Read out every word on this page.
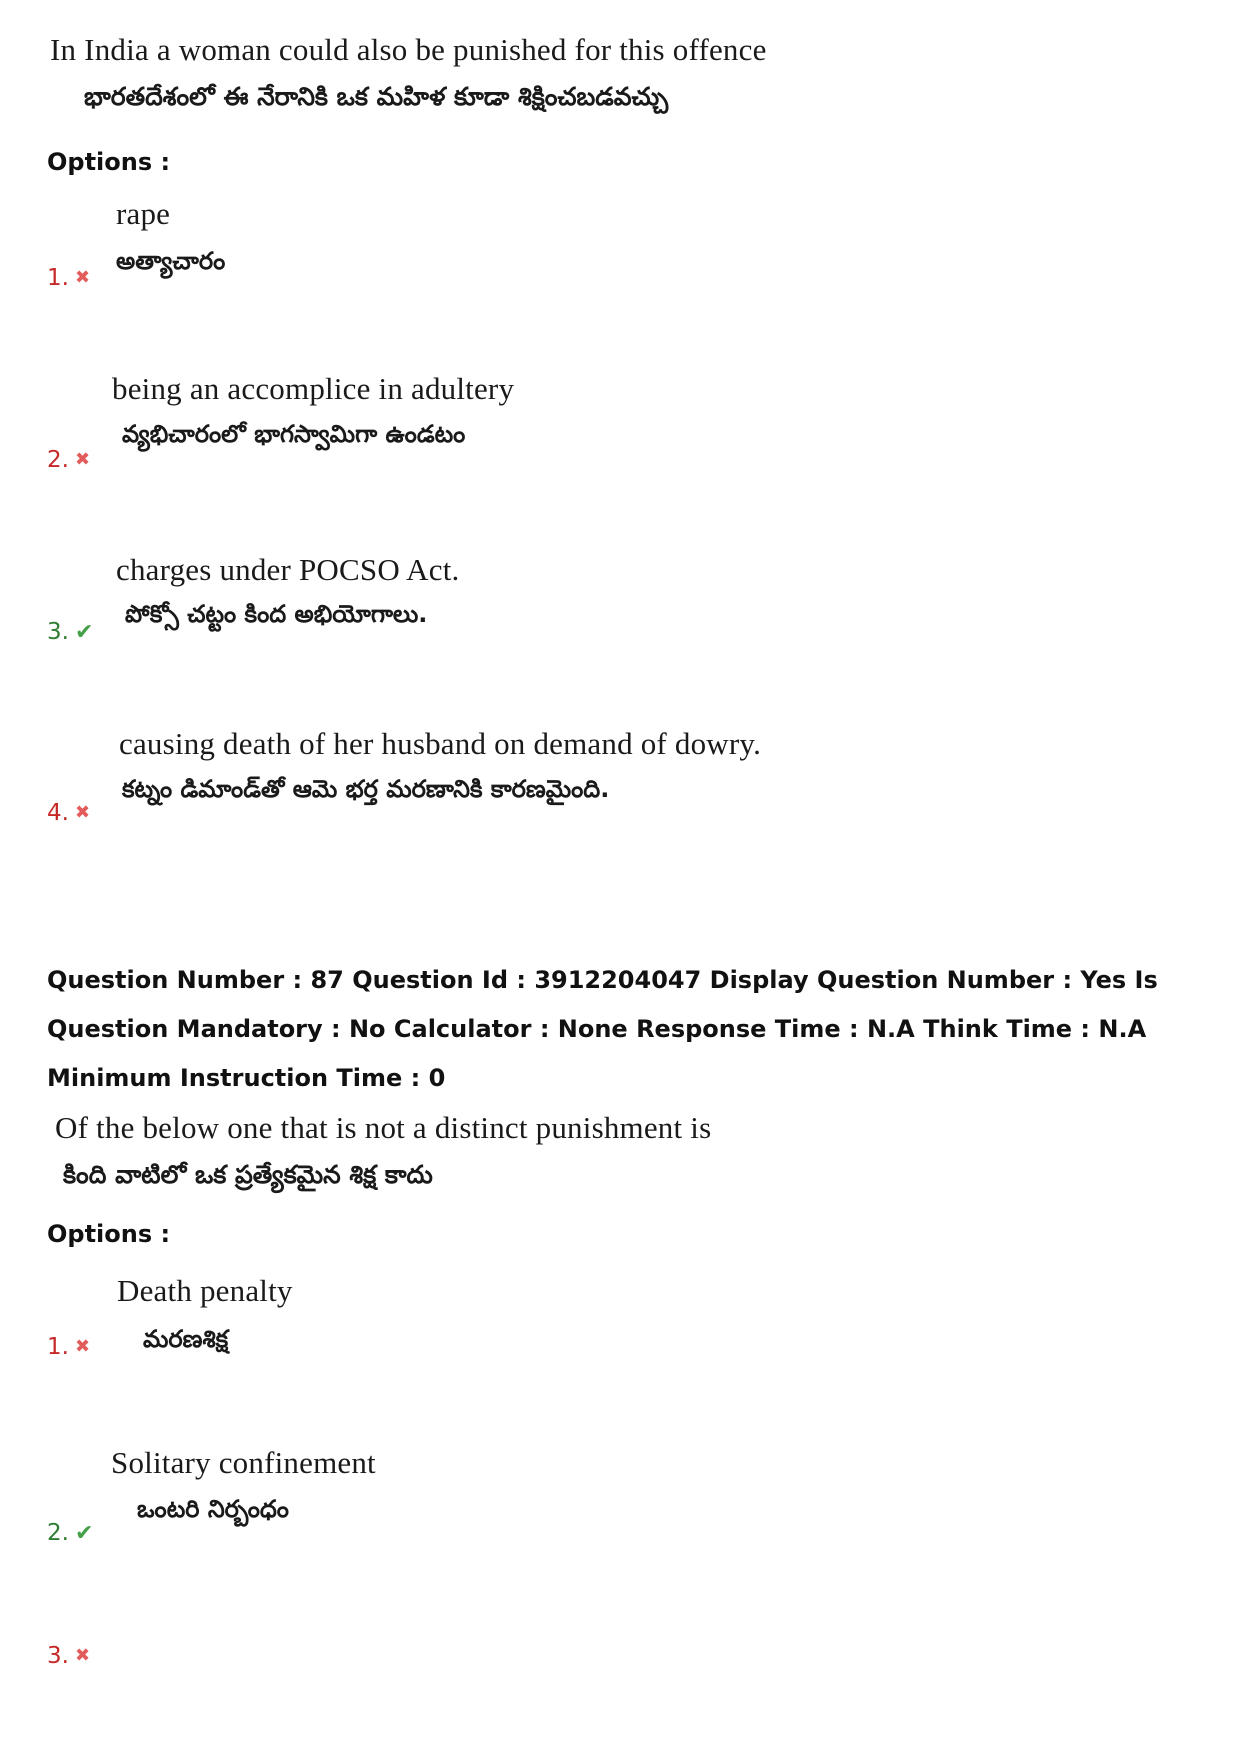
In India a woman could also be punished for this offence
భారతదేశంలో ఈ నేరానికి ఒక మహిళ కూడా శిక్షించబడవచ్చు
Options :
rape
అత్యాచారం
1. ✖
being an accomplice in adultery
వ్యభిచారంలో భాగస్వామిగా ఉండటం
2. ✖
charges under POCSO Act.
పోక్సో చట్టం కింద అభియోగాలు.
3. ✔
causing death of her husband on demand of dowry.
కట్నం డిమాండ్‌తో ఆమె భర్త మరణానికి కారణమైంది.
4. ✖
Question Number : 87 Question Id : 3912204047 Display Question Number : Yes Is Question Mandatory : No Calculator : None Response Time : N.A Think Time : N.A Minimum Instruction Time : 0
Of the below one that is not a distinct punishment is
కింది వాటిలో ఒక ప్రత్యేకమైన శిక్ష కాదు
Options :
Death penalty
మరణశిక్ష
1. ✖
Solitary confinement
ఒంటరి నిర్బంధం
2. ✔
3. ✖
